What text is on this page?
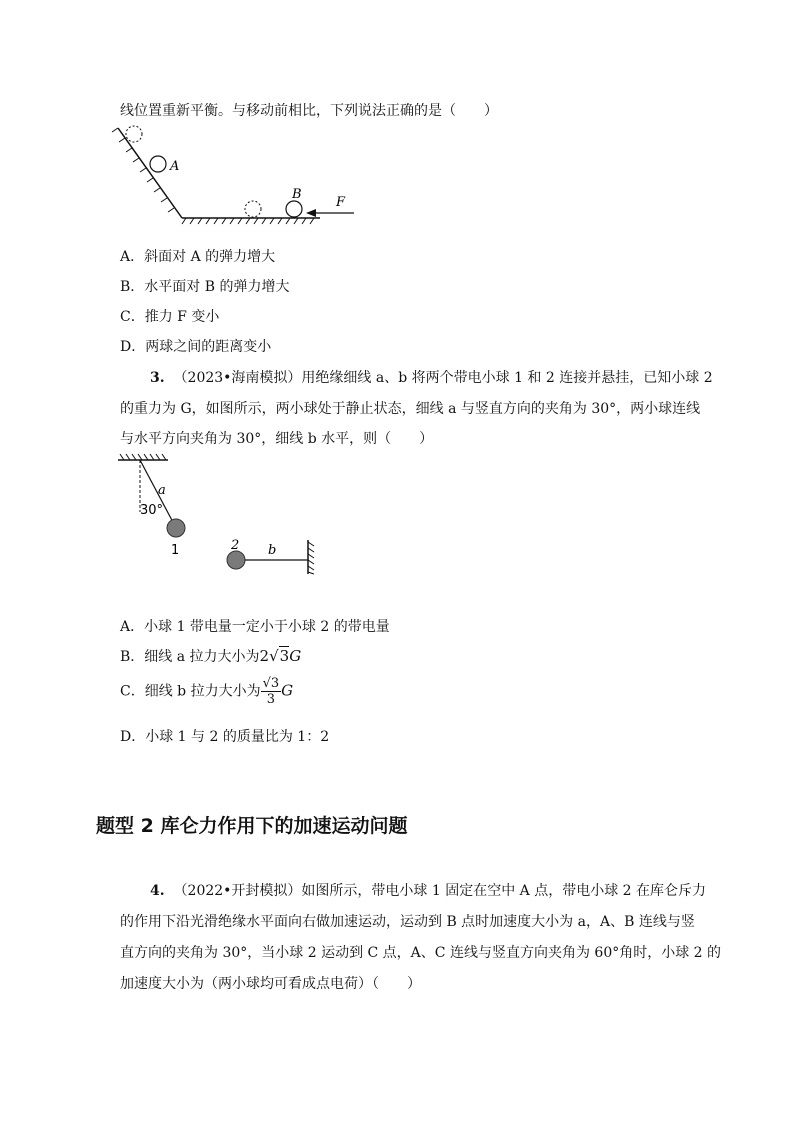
线位置重新平衡。与移动前相比，下列说法正确的是（　　）
A
B
F
A．斜面对 A 的弹力增大
B．水平面对 B 的弹力增大
C．推力 F 变小
D．两球之间的距离变小
3. （2023•海南模拟）用绝缘细线 a、b 将两个带电小球 1 和 2 连接并悬挂，已知小球 2
的重力为 G，如图所示，两小球处于静止状态，细线 a 与竖直方向的夹角为 30°，两小球连线
与水平方向夹角为 30°，细线 b 水平，则（　　）
a
30°
1	2 b
A．小球 1 带电量一定小于小球 2 的带电量
B．细线 a 拉力大小为2√3G
C．细线 b 拉力大小为 $\frac{√3}{3}$ G
D．小球 1 与 2 的质量比为 1：2
题型 2 库仑力作用下的加速运动问题
4. （2022•开封模拟）如图所示，带电小球 1 固定在空中 A 点，带电小球 2 在库仑斥力
的作用下沿光滑绝缘水平面向右做加速运动，运动到 B 点时加速度大小为 a，A、B 连线与竖
直方向的夹角为 30°，当小球 2 运动到 C 点，A、C 连线与竖直方向夹角为 60°角时，小球 2 的
加速度大小为（两小球均可看成点电荷）（　　）
